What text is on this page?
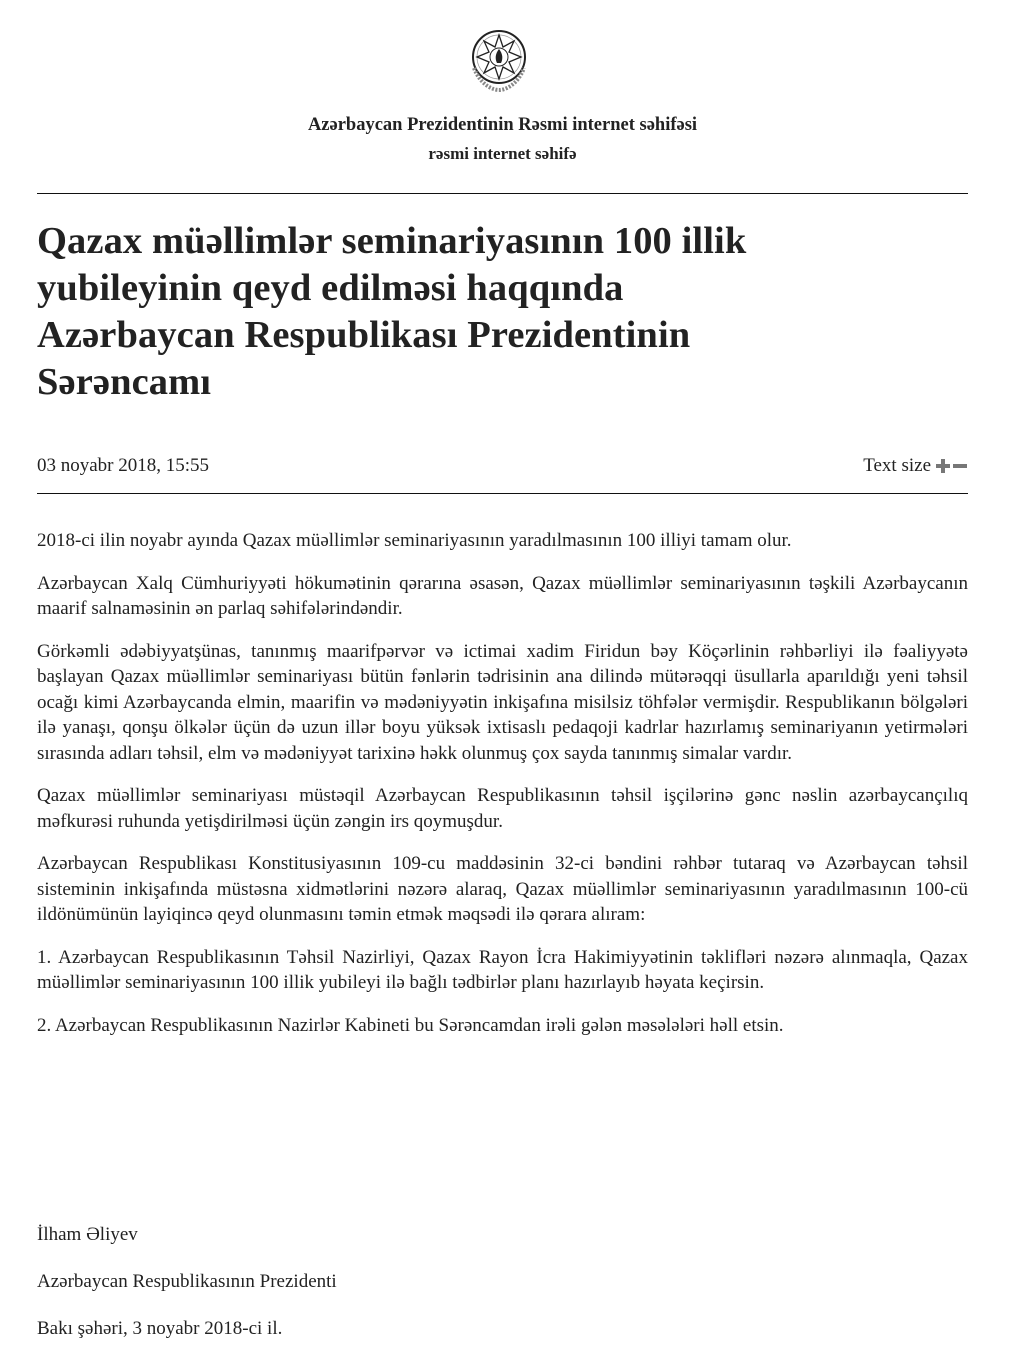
Azərbaycan Prezidentinin Rəsmi internet səhifəsi
rəsmi internet səhifə
Qazax müəllimlər seminariyasının 100 illik
yubileyinin qeyd edilməsi haqqında
Azərbaycan Respublikası Prezidentinin
Sərəncamı
03 noyabr 2018, 15:55	Text size

2018-ci ilin noyabr ayında Qazax müəllimlər seminariyasının yaradılmasının 100 illiyi tamam olur.

Azərbaycan Xalq Cümhuriyyəti hökumətinin qərarına əsasən, Qazax müəllimlər seminariyasının təşkili Azərbaycanın maarif salnaməsinin ən parlaq səhifələrindəndir.

Görkəmli ədəbiyyatşünas, tanınmış maarifpərvər və ictimai xadim Firidun bəy Köçərlinin rəhbərliyi ilə fəaliyyətə başlayan Qazax müəllimlər seminariyası bütün fənlərin tədrisinin ana dilində mütərəqqi üsullarla aparıldığı yeni təhsil ocağı kimi Azərbaycanda elmin, maarifin və mədəniyyətin inkişafına misilsiz töhfələr vermişdir. Respublikanın bölgələri ilə yanaşı, qonşu ölkələr üçün də uzun illər boyu yüksək ixtisaslı pedaqoji kadrlar hazırlamış seminariyanın yetirmələri sırasında adları təhsil, elm və mədəniyyət tarixinə həkk olunmuş çox sayda tanınmış simalar vardır.

Qazax müəllimlər seminariyası müstəqil Azərbaycan Respublikasının təhsil işçilərinə gənc nəslin azərbaycançılıq məfkurəsi ruhunda yetişdirilməsi üçün zəngin irs qoymuşdur.

Azərbaycan Respublikası Konstitusiyasının 109-cu maddəsinin 32-ci bəndini rəhbər tutaraq və Azərbaycan təhsil sisteminin inkişafında müstəsna xidmətlərini nəzərə alaraq, Qazax müəllimlər seminariyasının yaradılmasının 100-cü ildönümünün layiqincə qeyd olunmasını təmin etmək məqsədi ilə qərara alıram:

1. Azərbaycan Respublikasının Təhsil Nazirliyi, Qazax Rayon İcra Hakimiyyətinin təklifləri nəzərə alınmaqla, Qazax müəllimlər seminariyasının 100 illik yubileyi ilə bağlı tədbirlər planı hazırlayıb həyata keçirsin.

2. Azərbaycan Respublikasının Nazirlər Kabineti bu Sərəncamdan irəli gələn məsələləri həll etsin.

İlham Əliyev

Azərbaycan Respublikasının Prezidenti

Bakı şəhəri, 3 noyabr 2018-ci il.
